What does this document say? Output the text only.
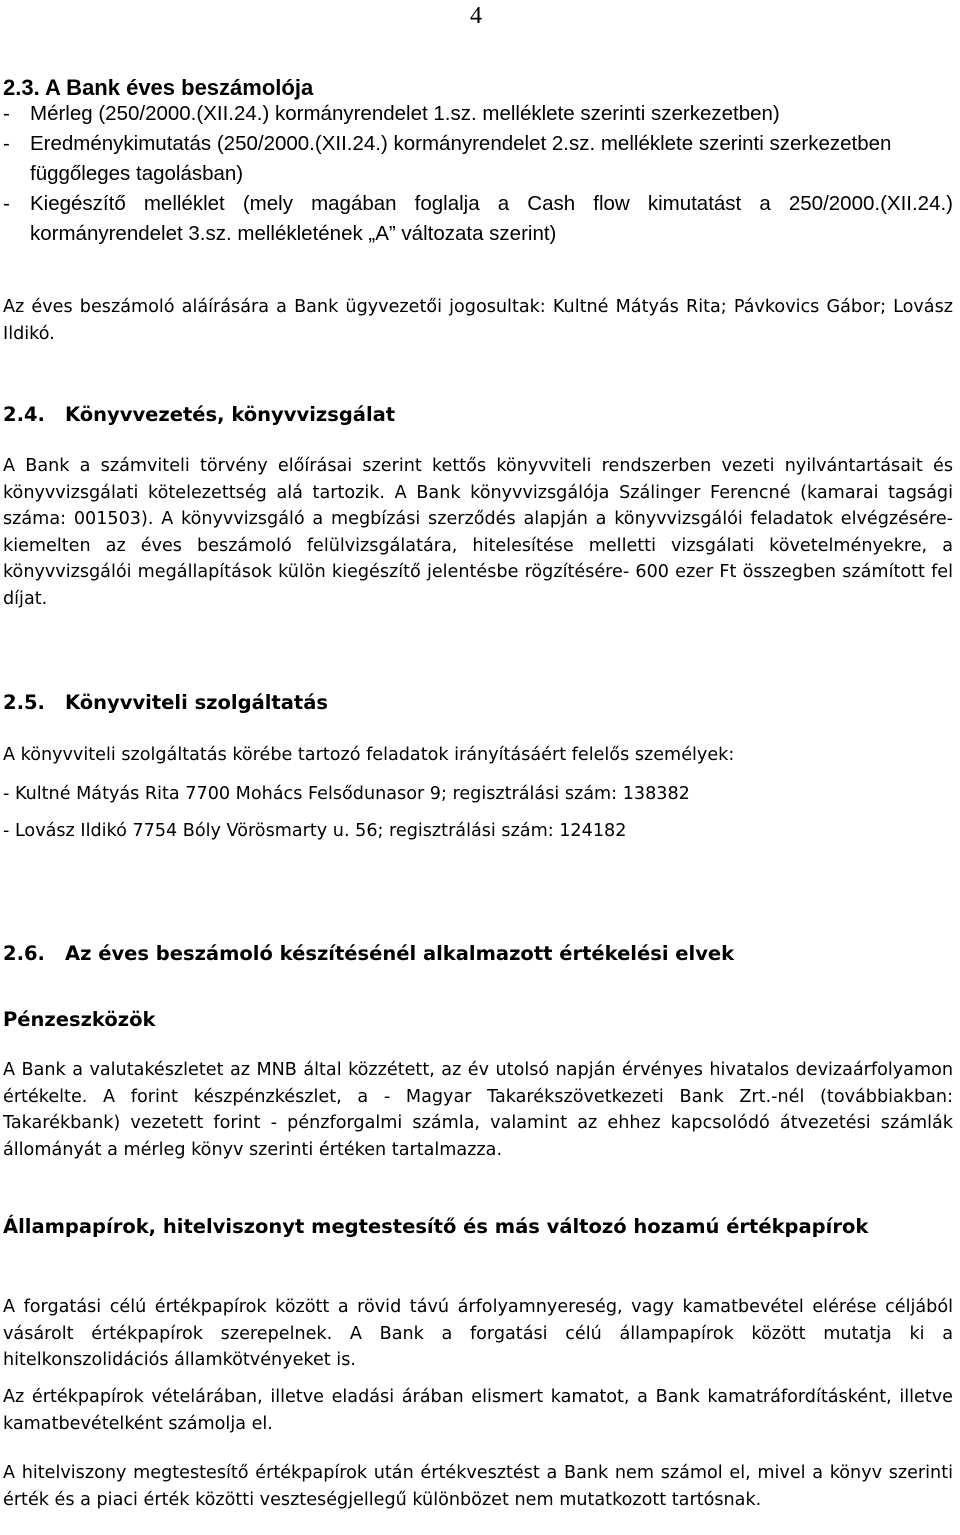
4
2.3. A Bank éves beszámolója
- Mérleg (250/2000.(XII.24.) kormányrendelet 1.sz. melléklete szerinti szerkezetben)
- Eredménykimutatás (250/2000.(XII.24.) kormányrendelet 2.sz. melléklete szerinti szerkezetben függőleges tagolásban)
- Kiegészítő melléklet (mely magában foglalja a Cash flow kimutatást a 250/2000.(XII.24.) kormányrendelet 3.sz. mellékletének „A” változata szerint)
Az éves beszámoló aláírására a Bank ügyvezetői jogosultak: Kultné Mátyás Rita; Pávkovics Gábor; Lovász Ildikó.
2.4. Könyvvezetés, könyvvizsgálat
A Bank a számviteli törvény előírásai szerint kettős könyvviteli rendszerben vezeti nyilvántartásait és könyvvizsgálati kötelezettség alá tartozik. A Bank könyvvizsgálója Szálinger Ferencné (kamarai tagsági száma: 001503). A könyvvizsgáló a megbízási szerződés alapján a könyvvizsgálói feladatok elvégzésére- kiemelten az éves beszámoló felülvizsgálatára, hitelesítése melletti vizsgálati követelményekre, a könyvvizsgálói megállapítások külön kiegészítő jelentésbe rögzítésére- 600 ezer Ft összegben számított fel díjat.
2.5. Könyvviteli szolgáltatás
A könyvviteli szolgáltatás körébe tartozó feladatok irányításáért felelős személyek:
- Kultné Mátyás Rita 7700 Mohács Felsődunasor 9; regisztrálási szám: 138382
- Lovász Ildikó 7754 Bóly Vörösmarty u. 56; regisztrálási szám: 124182
2.6. Az éves beszámoló készítésénél alkalmazott értékelési elvek
Pénzeszközök
A Bank a valutakészletet az MNB által közzétett, az év utolsó napján érvényes hivatalos devizaárfolyamon értékelte. A forint készpénzkészlet, a - Magyar Takarékszövetkezeti Bank Zrt.-nél (továbbiakban: Takarékbank) vezetett forint - pénzforgalmi számla, valamint az ehhez kapcsolódó átvezetési számlák állományát a mérleg könyv szerinti értéken tartalmazza.
Állampapírok, hitelviszonyt megtestesítő és más változó hozamú értékpapírok
A forgatási célú értékpapírok között a rövid távú árfolyamnyereség, vagy kamatbevétel elérése céljából vásárolt értékpapírok szerepelnek. A Bank a forgatási célú állampapírok között mutatja ki a hitelkonszolidációs államkötvényeket is.
Az értékpapírok vételárában, illetve eladási árában elismert kamatot, a Bank kamatráfordításként, illetve kamatbevételként számolja el.
A hitelviszony megtestesítő értékpapírok után értékvesztést a Bank nem számol el, mivel a könyv szerinti érték és a piaci érték közötti veszteségjellegű különbözet nem mutatkozott tartósnak.
